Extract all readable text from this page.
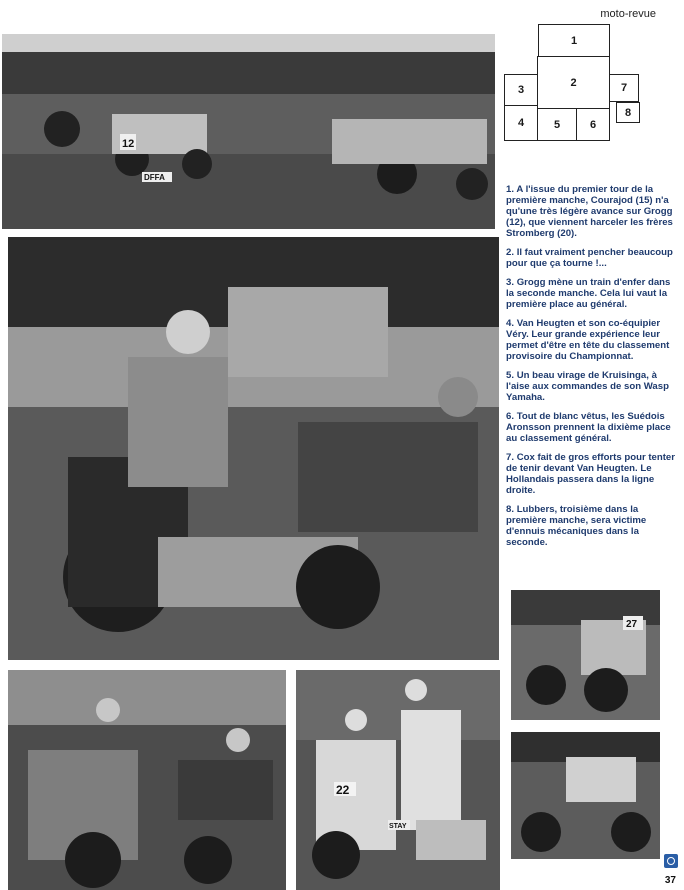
moto-revue
12
DFFA
22
STAY
27
1
3
2	7
4	5	6
8

1. A l'issue du premier tour de la première manche, Courajod (15) n'a qu'une très légère avance sur Grogg (12), que viennent harceler les frères Stromberg (20).

2. Il faut vraiment pencher beaucoup pour que ça tourne !...

3. Grogg mène un train d'enfer dans la seconde manche. Cela lui vaut la première place au général.

4. Van Heugten et son co-équipier Véry. Leur grande expérience leur permet d'être en tête du classement provisoire du Championnat.

5. Un beau virage de Kruisinga, à l'aise aux commandes de son Wasp Yamaha.

6. Tout de blanc vêtus, les Suédois Aronsson prennent la dixième place au classement général.

7. Cox fait de gros efforts pour tenter de tenir devant Van Heugten. Le Hollandais passera dans la ligne droite.

8. Lubbers, troisième dans la première manche, sera victime d'ennuis mécaniques dans la seconde.

37
